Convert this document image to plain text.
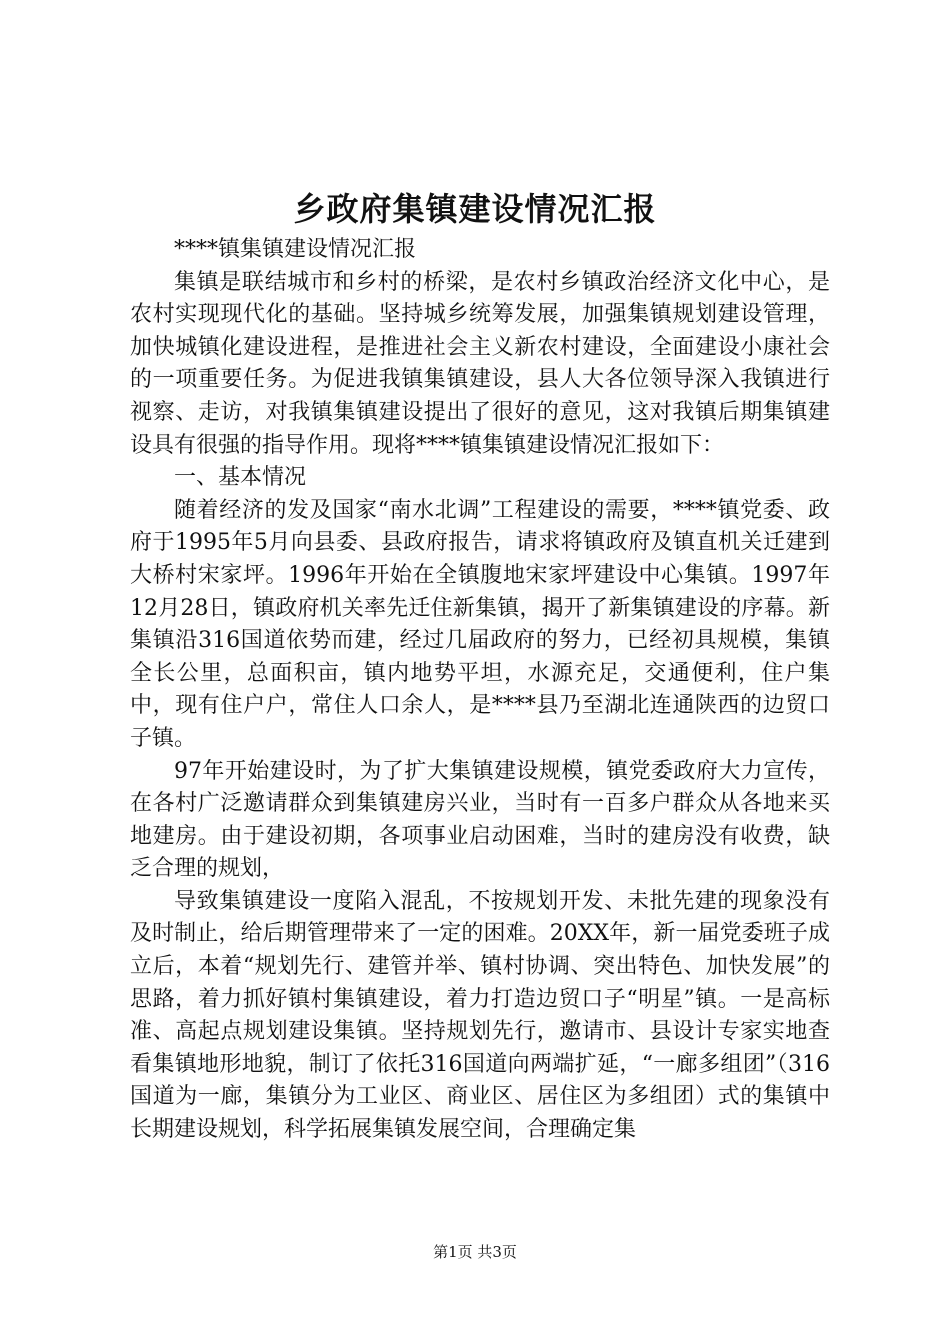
乡政府集镇建设情况汇报

****镇集镇建设情况汇报

集镇是联结城市和乡村的桥梁，是农村乡镇政治经济文化中心，是农村实现现代化的基础。坚持城乡统筹发展，加强集镇规划建设管理，加快城镇化建设进程，是推进社会主义新农村建设，全面建设小康社会的一项重要任务。为促进我镇集镇建设，县人大各位领导深入我镇进行视察、走访，对我镇集镇建设提出了很好的意见，这对我镇后期集镇建设具有很强的指导作用。现将****镇集镇建设情况汇报如下：

一、基本情况

随着经济的发及国家“南水北调”工程建设的需要，****镇党委、政府于1995年5月向县委、县政府报告，请求将镇政府及镇直机关迁建到大桥村宋家坪。1996年开始在全镇腹地宋家坪建设中心集镇。1997年12月28日，镇政府机关率先迁住新集镇，揭开了新集镇建设的序幕。新集镇沿316国道依势而建，经过几届政府的努力，已经初具规模，集镇全长公里，总面积亩，镇内地势平坦，水源充足，交通便利，住户集中，现有住户户，常住人口余人，是****县乃至湖北连通陕西的边贸口子镇。

97年开始建设时，为了扩大集镇建设规模，镇党委政府大力宣传，在各村广泛邀请群众到集镇建房兴业，当时有一百多户群众从各地来买地建房。由于建设初期，各项事业启动困难，当时的建房没有收费，缺乏合理的规划，

导致集镇建设一度陷入混乱，不按规划开发、未批先建的现象没有及时制止，给后期管理带来了一定的困难。20XX年，新一届党委班子成立后，本着“规划先行、建管并举、镇村协调、突出特色、加快发展”的思路，着力抓好镇村集镇建设，着力打造边贸口子“明星”镇。一是高标准、高起点规划建设集镇。坚持规划先行，邀请市、县设计专家实地查看集镇地形地貌，制订了依托316国道向两端扩延，“一廊多组团”（316国道为一廊，集镇分为工业区、商业区、居住区为多组团）式的集镇中长期建设规划，科学拓展集镇发展空间，合理确定集

第1页 共3页
